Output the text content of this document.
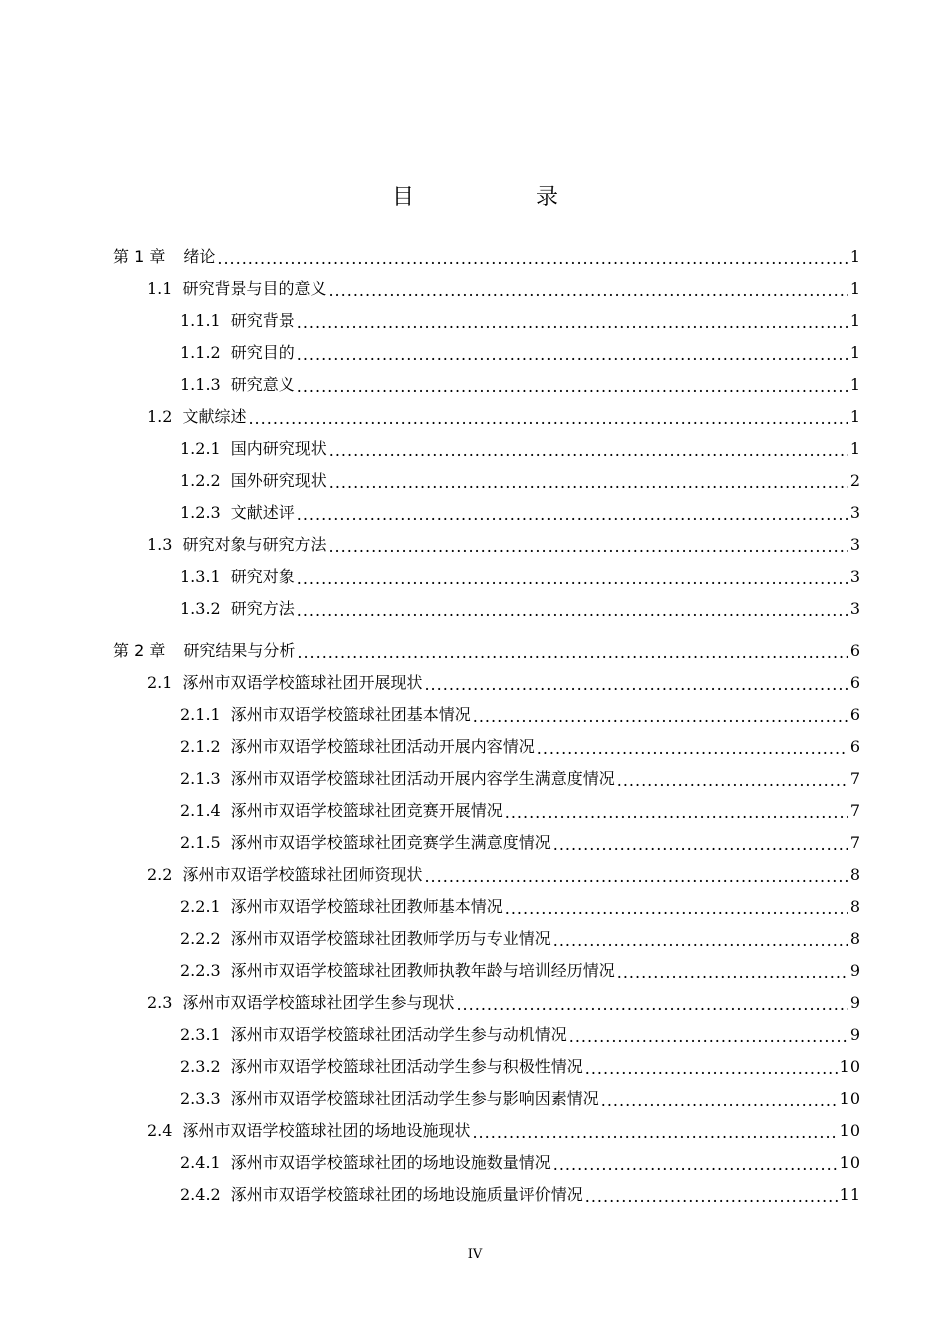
目　录
第 1 章 绪论 .....	1
1.1 研究背景与目的意义 .....	1
1.1.1 研究背景 .....	1
1.1.2 研究目的 .....	1
1.1.3 研究意义 .....	1
1.2 文献综述 .....	1
1.2.1 国内研究现状 .....	1
1.2.2 国外研究现状 .....	2
1.2.3 文献述评 .....	3
1.3 研究对象与研究方法 .....	3
1.3.1 研究对象 .....	3
1.3.2 研究方法 .....	3
第 2 章 研究结果与分析 .....	6
2.1 涿州市双语学校篮球社团开展现状 .....	6
2.1.1 涿州市双语学校篮球社团基本情况 .....	6
2.1.2 涿州市双语学校篮球社团活动开展内容情况 .....	6
2.1.3 涿州市双语学校篮球社团活动开展内容学生满意度情况 .....	7
2.1.4 涿州市双语学校篮球社团竞赛开展情况 .....	7
2.1.5 涿州市双语学校篮球社团竞赛学生满意度情况 .....	7
2.2 涿州市双语学校篮球社团师资现状 .....	8
2.2.1 涿州市双语学校篮球社团教师基本情况 .....	8
2.2.2 涿州市双语学校篮球社团教师学历与专业情况 .....	8
2.2.3 涿州市双语学校篮球社团教师执教年龄与培训经历情况 .....	9
2.3 涿州市双语学校篮球社团学生参与现状 .....	9
2.3.1 涿州市双语学校篮球社团活动学生参与动机情况 .....	9
2.3.2 涿州市双语学校篮球社团活动学生参与积极性情况 .....	10
2.3.3 涿州市双语学校篮球社团活动学生参与影响因素情况 .....	10
2.4 涿州市双语学校篮球社团的场地设施现状 .....	10
2.4.1 涿州市双语学校篮球社团的场地设施数量情况 .....	10
2.4.2 涿州市双语学校篮球社团的场地设施质量评价情况 .....	11
IV
